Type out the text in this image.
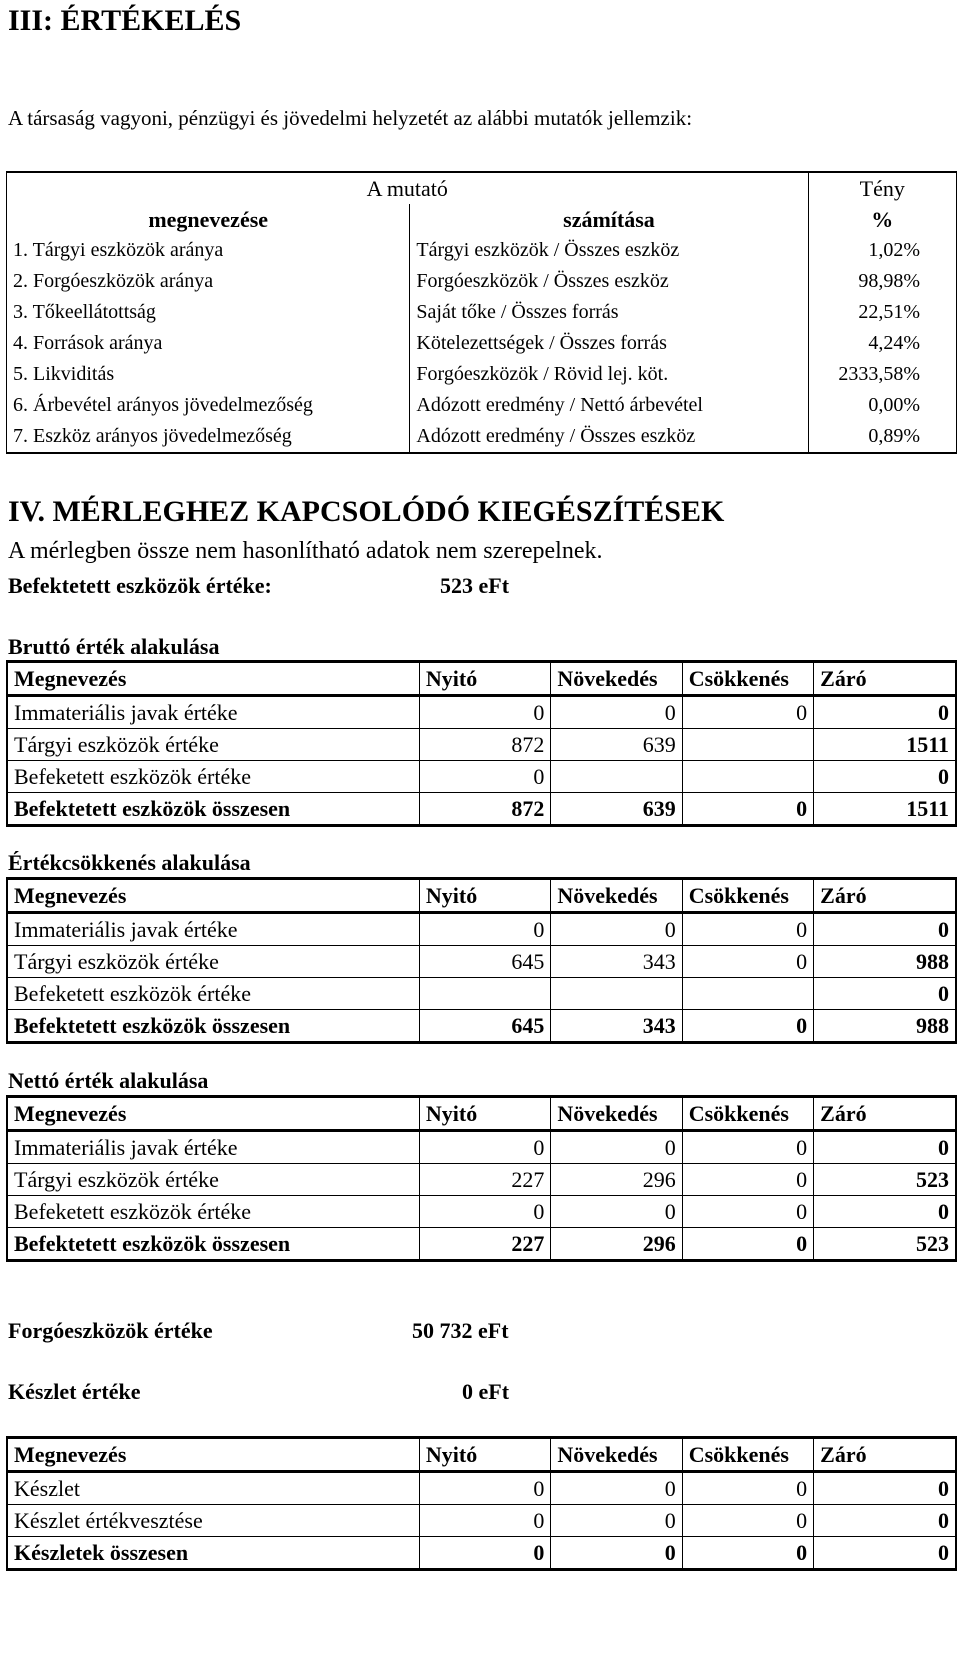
III: ÉRTÉKELÉS
A társaság vagyoni, pénzügyi és jövedelmi helyzetét az alábbi mutatók jellemzik:
A mutató		Tény
megnevezése	számítása	%
1. Tárgyi eszközök aránya	Tárgyi eszközök / Összes eszköz	1,02%
2. Forgóeszközök aránya	Forgóeszközök / Összes eszköz	98,98%
3. Tőkeellátottság	Saját tőke / Összes forrás	22,51%
4. Források aránya	Kötelezettségek / Összes forrás	4,24%
5. Likviditás	Forgóeszközök / Rövid lej. köt.	2333,58%
6. Árbevétel arányos jövedelmezőség	Adózott eredmény / Nettó árbevétel	0,00%
7. Eszköz arányos jövedelmezőség	Adózott eredmény / Összes eszköz	0,89%
IV. MÉRLEGHEZ KAPCSOLÓDÓ KIEGÉSZÍTÉSEK
A mérlegben össze nem hasonlítható adatok nem szerepelnek.
Befektetett eszközök értéke:	523 eFt
Bruttó érték alakulása
Megnevezés	Nyitó	Növekedés	Csökkenés	Záró
Immateriális javak értéke	0	0	0	0
Tárgyi eszközök értéke	872	639		1511
Befeketett eszközök értéke	0			0
Befektetett eszközök összesen	872	639	0	1511
Értékcsökkenés alakulása
Megnevezés	Nyitó	Növekedés	Csökkenés	Záró
Immateriális javak értéke	0	0	0	0
Tárgyi eszközök értéke	645	343	0	988
Befeketett eszközök értéke				0
Befektetett eszközök összesen	645	343	0	988
Nettó érték alakulása
Megnevezés	Nyitó	Növekedés	Csökkenés	Záró
Immateriális javak értéke	0	0	0	0
Tárgyi eszközök értéke	227	296	0	523
Befeketett eszközök értéke	0	0	0	0
Befektetett eszközök összesen	227	296	0	523
Forgóeszközök értéke	50 732 eFt
Készlet értéke	0 eFt
Megnevezés	Nyitó	Növekedés	Csökkenés	Záró
Készlet	0	0	0	0
Készlet értékvesztése	0	0	0	0
Készletek összesen	0	0	0	0
